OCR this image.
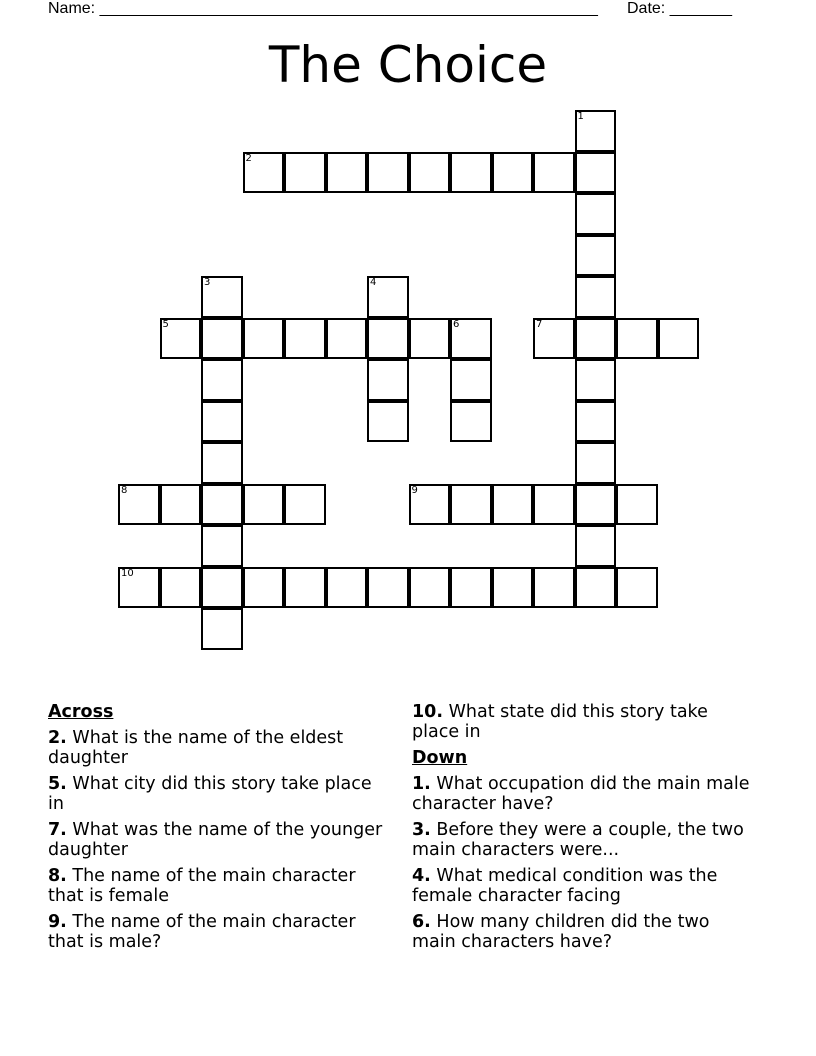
Name: ________________________________________________________ Date: _______
The Choice
1
2
3	4
5	6	7
8	9
10
Across
2. What is the name of the eldest daughter
5. What city did this story take place in
7. What was the name of the younger daughter
8. The name of the main character that is female
9. The name of the main character that is male?
10. What state did this story take place in
Down
1. What occupation did the main male character have?
3. Before they were a couple, the two main characters were...
4. What medical condition was the female character facing
6. How many children did the two main characters have?
